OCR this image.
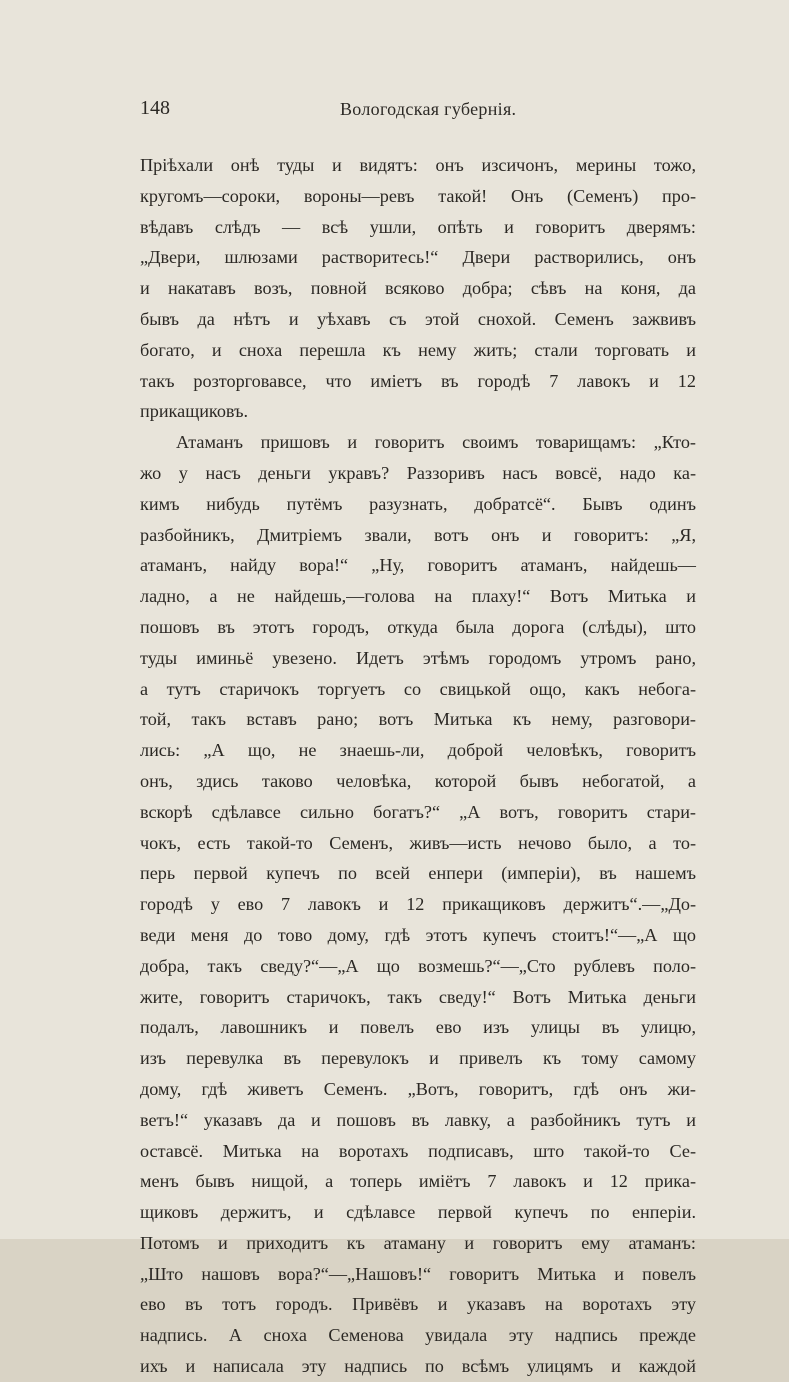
148	Вологодская губернія.
Пріѣхали онѣ туды и видятъ: онъ изсичонъ, мерины тожо,
кругомъ—сороки, вороны—ревъ такой! Онъ (Семенъ) про-
вѣдавъ слѣдъ — всѣ ушли, опѣть и говоритъ дверямъ:
„Двери, шлюзами растворитесь!“ Двери растворились, онъ
и накатавъ возъ, повной всяково добра; сѣвъ на коня, да
бывъ да нѣтъ и уѣхавъ съ этой снохой. Семенъ зажвивъ
богато, и сноха перешла къ нему жить; стали торговать и
такъ розторговавсе, что иміетъ въ городѣ 7 лавокъ и 12
прикащиковъ.
Атаманъ пришовъ и говоритъ своимъ товарищамъ: „Кто-
жо у насъ деньги укравъ? Раззоривъ насъ вовсё, надо ка-
кимъ нибудь путёмъ разузнать, добратсё“. Бывъ одинъ
разбойникъ, Дмитріемъ звали, вотъ онъ и говоритъ: „Я,
атаманъ, найду вора!“ „Ну, говоритъ атаманъ, найдешь—
ладно, а не найдешь,—голова на плаху!“ Вотъ Митька и
пошовъ въ этотъ городъ, откуда была дорога (слѣды), што
туды иминьё увезено. Идетъ этѣмъ городомъ утромъ рано,
а тутъ старичокъ торгуетъ со свицькой ощо, какъ небога-
той, такъ вставъ рано; вотъ Митька къ нему, разговори-
лись: „А що, не знаешь-ли, доброй человѣкъ, говоритъ
онъ, здись таково человѣка, которой бывъ небогатой, а
вскорѣ сдѣлавсе сильно богатъ?“ „А вотъ, говоритъ стари-
чокъ, есть такой-то Семенъ, живъ—исть нечово было, а то-
перь первой купечъ по всей енпери (имперіи), въ нашемъ
городѣ у ево 7 лавокъ и 12 прикащиковъ держитъ“.—„До-
веди меня до тово дому, гдѣ этотъ купечъ стоитъ!“—„А що
добра, такъ сведу?“—„А що возмешь?“—„Сто рублевъ поло-
жите, говоритъ старичокъ, такъ сведу!“ Вотъ Митька деньги
подалъ, лавошникъ и повелъ ево изъ улицы въ улицю,
изъ перевулка въ перевулокъ и привелъ къ тому самому
дому, гдѣ живетъ Семенъ. „Вотъ, говоритъ, гдѣ онъ жи-
ветъ!“ указавъ да и пошовъ въ лавку, а разбойникъ тутъ и
оставсё. Митька на воротахъ подписавъ, што такой-то Се-
менъ бывъ нищой, а топерь иміётъ 7 лавокъ и 12 прика-
щиковъ держитъ, и сдѣлавсе первой купечъ по енперіи.
Потомъ и приходитъ къ атаману и говоритъ ему атаманъ:
„Што нашовъ вора?“—„Нашовъ!“ говоритъ Митька и повелъ
ево въ тотъ городъ. Привёвъ и указавъ на воротахъ эту
надпись. А сноха Семенова увидала эту надпись прежде
ихъ и написала эту надпись по всѣмъ улицямъ и каждой
